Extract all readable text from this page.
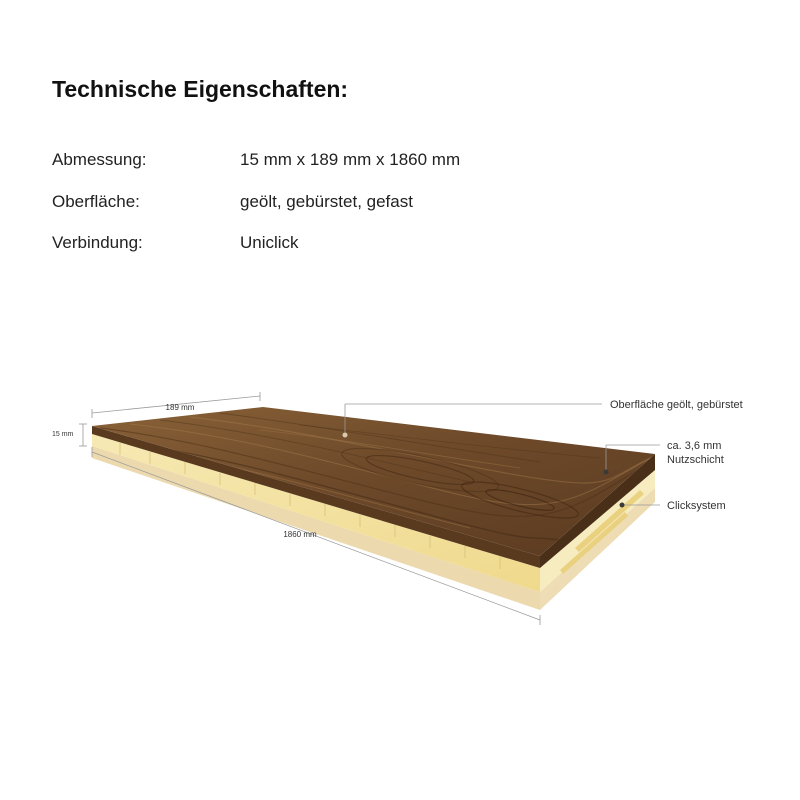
Technische Eigenschaften:
Abmessung:	15 mm x 189 mm x 1860 mm
Oberfläche:	geölt, gebürstet, gefast
Verbindung:	Uniclick
189 mm
15 mm
1860 mm
Oberfläche geölt, gebürstet
ca. 3,6 mm
Nutzschicht
Clicksystem
